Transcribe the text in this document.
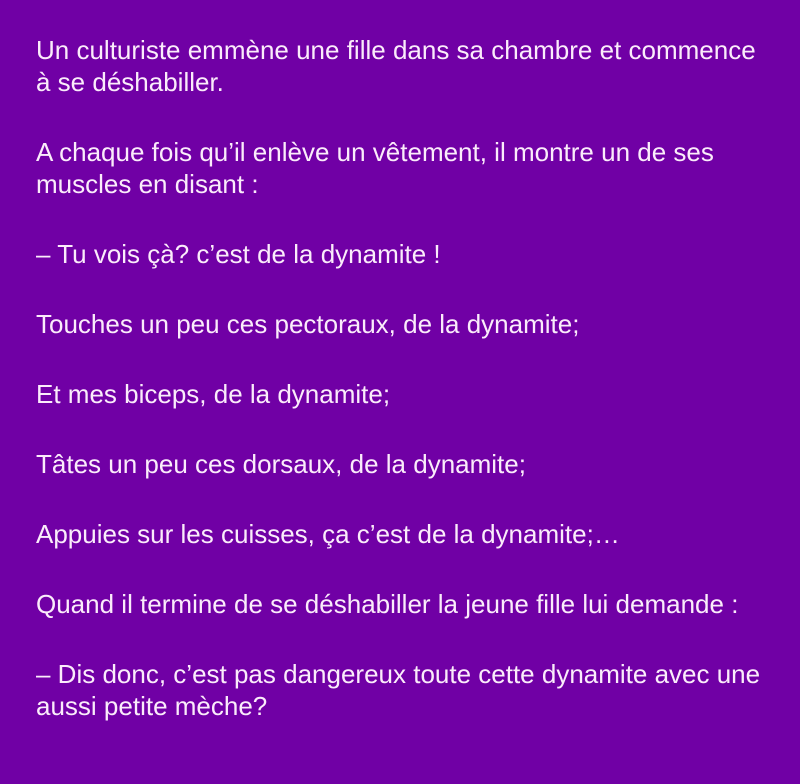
Un culturiste emmène une fille dans sa chambre et commence à se déshabiller.

A chaque fois qu’il enlève un vêtement, il montre un de ses muscles en disant :

– Tu vois çà? c’est de la dynamite !

Touches un peu ces pectoraux, de la dynamite;

Et mes biceps, de la dynamite;

Tâtes un peu ces dorsaux, de la dynamite;

Appuies sur les cuisses, ça c’est de la dynamite;…

Quand il termine de se déshabiller la jeune fille lui demande :

– Dis donc, c’est pas dangereux toute cette dynamite avec une aussi petite mèche?
